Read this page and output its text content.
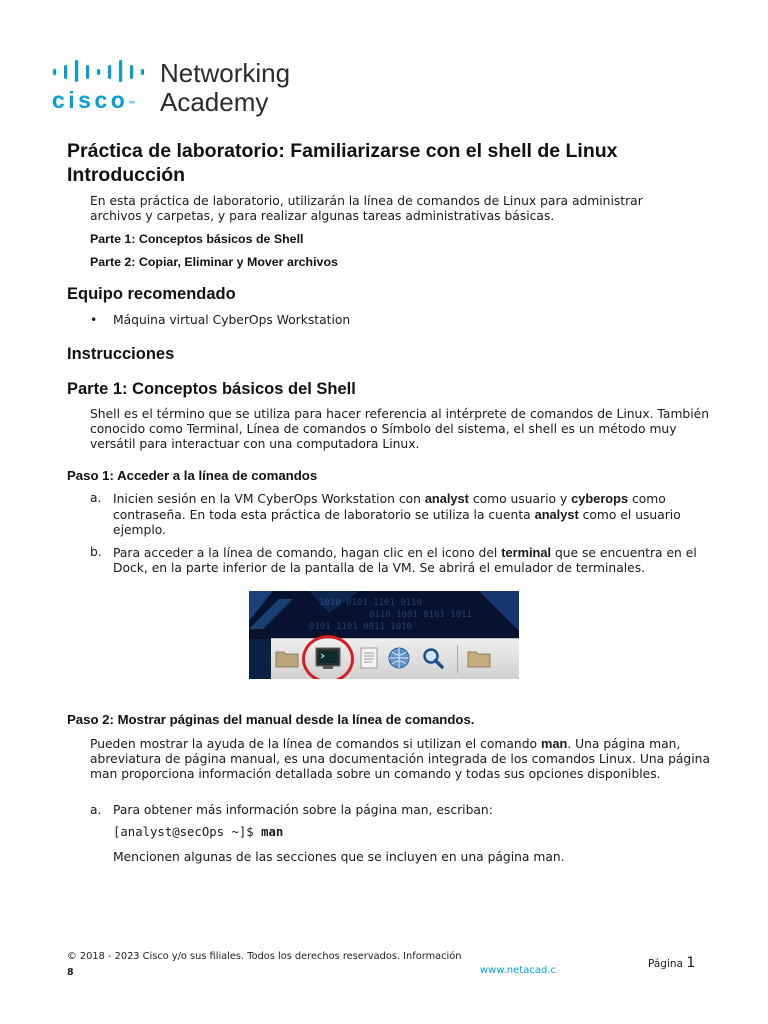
cisco™
Networking
Academy
Práctica de laboratorio: Familiarizarse con el shell de Linux
Introducción
En esta práctica de laboratorio, utilizarán la línea de comandos de Linux para administrar archivos y carpetas, y para realizar algunas tareas administrativas básicas.
Parte 1: Conceptos básicos de Shell
Parte 2: Copiar, Eliminar y Mover archivos
Equipo recomendado
• Máquina virtual CyberOps Workstation
Instrucciones
Parte 1: Conceptos básicos del Shell
Shell es el término que se utiliza para hacer referencia al intérprete de comandos de Linux. También conocido como Terminal, Línea de comandos o Símbolo del sistema, el shell es un método muy versátil para interactuar con una computadora Linux.
Paso 1: Acceder a la línea de comandos
a. Inicien sesión en la VM CyberOps Workstation con analyst como usuario y cyberops como contraseña. En toda esta práctica de laboratorio se utiliza la cuenta analyst como el usuario ejemplo.
b. Para acceder a la línea de comando, hagan clic en el icono del terminal que se encuentra en el Dock, en la parte inferior de la pantalla de la VM. Se abrirá el emulador de terminales.
1010 0101 1101 0110
0110 1001 0101 1011
0101 1101 0011 1010
Paso 2: Mostrar páginas del manual desde la línea de comandos.
Pueden mostrar la ayuda de la línea de comandos si utilizan el comando man. Una página man, abreviatura de página manual, es una documentación integrada de los comandos Linux. Una página man proporciona información detallada sobre un comando y todas sus opciones disponibles.
a. Para obtener más información sobre la página man, escriban:
[analyst@secOps ~]$ man
Mencionen algunas de las secciones que se incluyen en una página man.
© 2018 - 2023 Cisco y/o sus filiales. Todos los derechos reservados. Información
8	www.netacad.c
Página 1
